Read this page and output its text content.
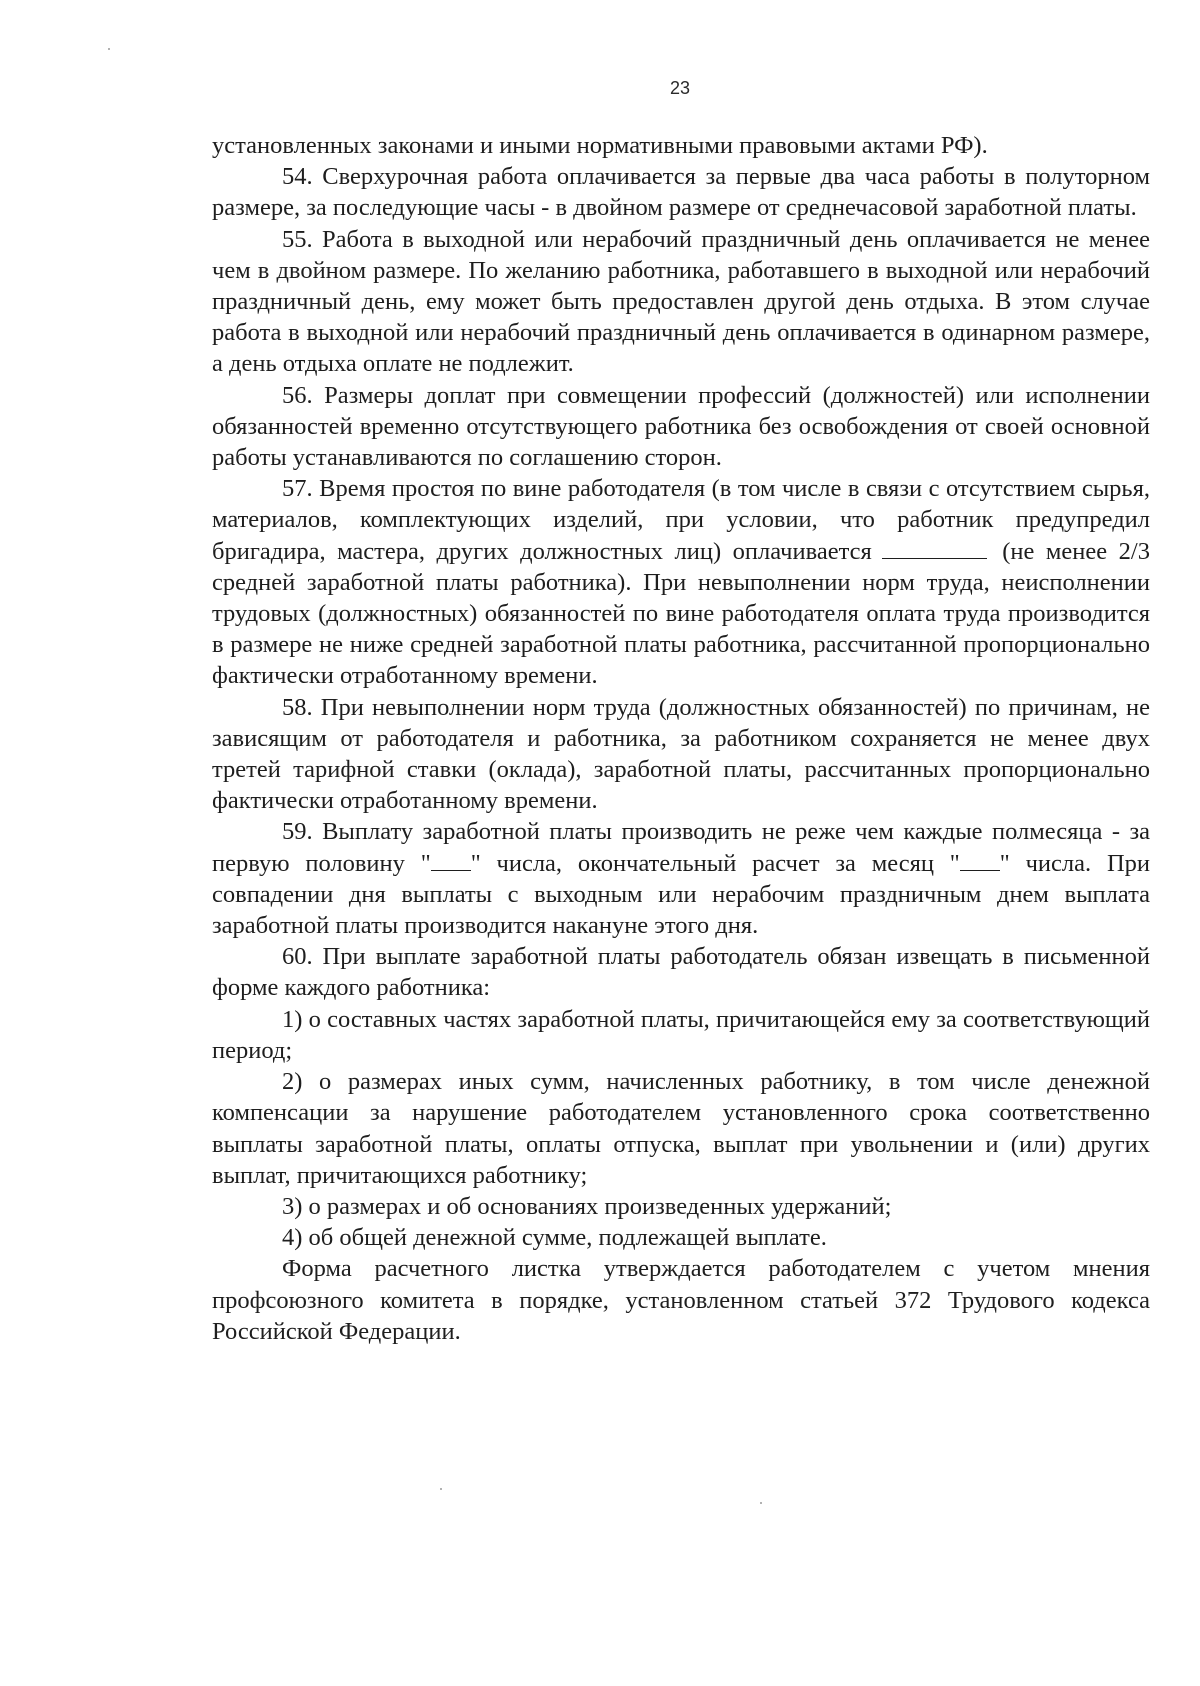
23

установленных законами и иными нормативными правовыми актами РФ).

54. Сверхурочная работа оплачивается за первые два часа работы в полуторном размере, за последующие часы - в двойном размере от среднечасовой заработной платы.

55. Работа в выходной или нерабочий праздничный день оплачивается не менее чем в двойном размере. По желанию работника, работавшего в выходной или нерабочий праздничный день, ему может быть предоставлен другой день отдыха. В этом случае работа в выходной или нерабочий праздничный день оплачивается в одинарном размере, а день отдыха оплате не подлежит.

56. Размеры доплат при совмещении профессий (должностей) или исполнении обязанностей временно отсутствующего работника без освобождения от своей основной работы устанавливаются по соглашению сторон.

57. Время простоя по вине работодателя (в том числе в связи с отсутствием сырья, материалов, комплектующих изделий, при условии, что работник предупредил бригадира, мастера, других должностных лиц) оплачивается	(не менее 2/3 средней заработной платы работника). При невыполнении норм труда, неисполнении трудовых (должностных) обязанностей по вине работодателя оплата труда производится в размере не ниже средней заработной платы работника, рассчитанной пропорционально фактически отработанному времени.

58. При невыполнении норм труда (должностных обязанностей) по причинам, не зависящим от работодателя и работника, за работником сохраняется не менее двух третей тарифной ставки (оклада), заработной платы, рассчитанных пропорционально фактически отработанному времени.

59. Выплату заработной платы производить не реже чем каждые полмесяца - за первую половину " " числа, окончательный расчет за месяц " " числа. При совпадении дня выплаты с выходным или нерабочим праздничным днем выплата заработной платы производится накануне этого дня.

60. При выплате заработной платы работодатель обязан извещать в письменной форме каждого работника:

1) о составных частях заработной платы, причитающейся ему за соответствующий период;

2) о размерах иных сумм, начисленных работнику, в том числе денежной компенсации за нарушение работодателем установленного срока соответственно выплаты заработной платы, оплаты отпуска, выплат при увольнении и (или) других выплат, причитающихся работнику;

3) о размерах и об основаниях произведенных удержаний;

4) об общей денежной сумме, подлежащей выплате.

Форма расчетного листка утверждается работодателем с учетом мнения профсоюзного комитета в порядке, установленном статьей 372 Трудового кодекса Российской Федерации.
